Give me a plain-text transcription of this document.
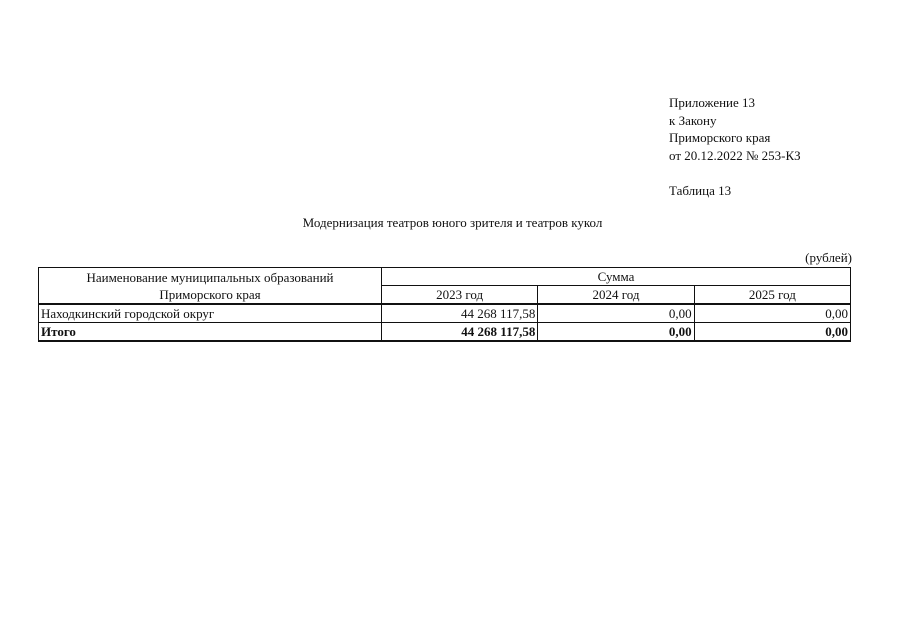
Приложение 13
к Закону
Приморского края
от 20.12.2022 № 253-КЗ
Таблица 13
Модернизация театров юного зрителя и театров кукол
(рублей)
Наименование муниципальных образований
Приморского края	Сумма		
	2023 год	2024 год	2025 год
Находкинский городской округ	44 268 117,58	0,00	0,00
Итого	44 268 117,58	0,00	0,00
